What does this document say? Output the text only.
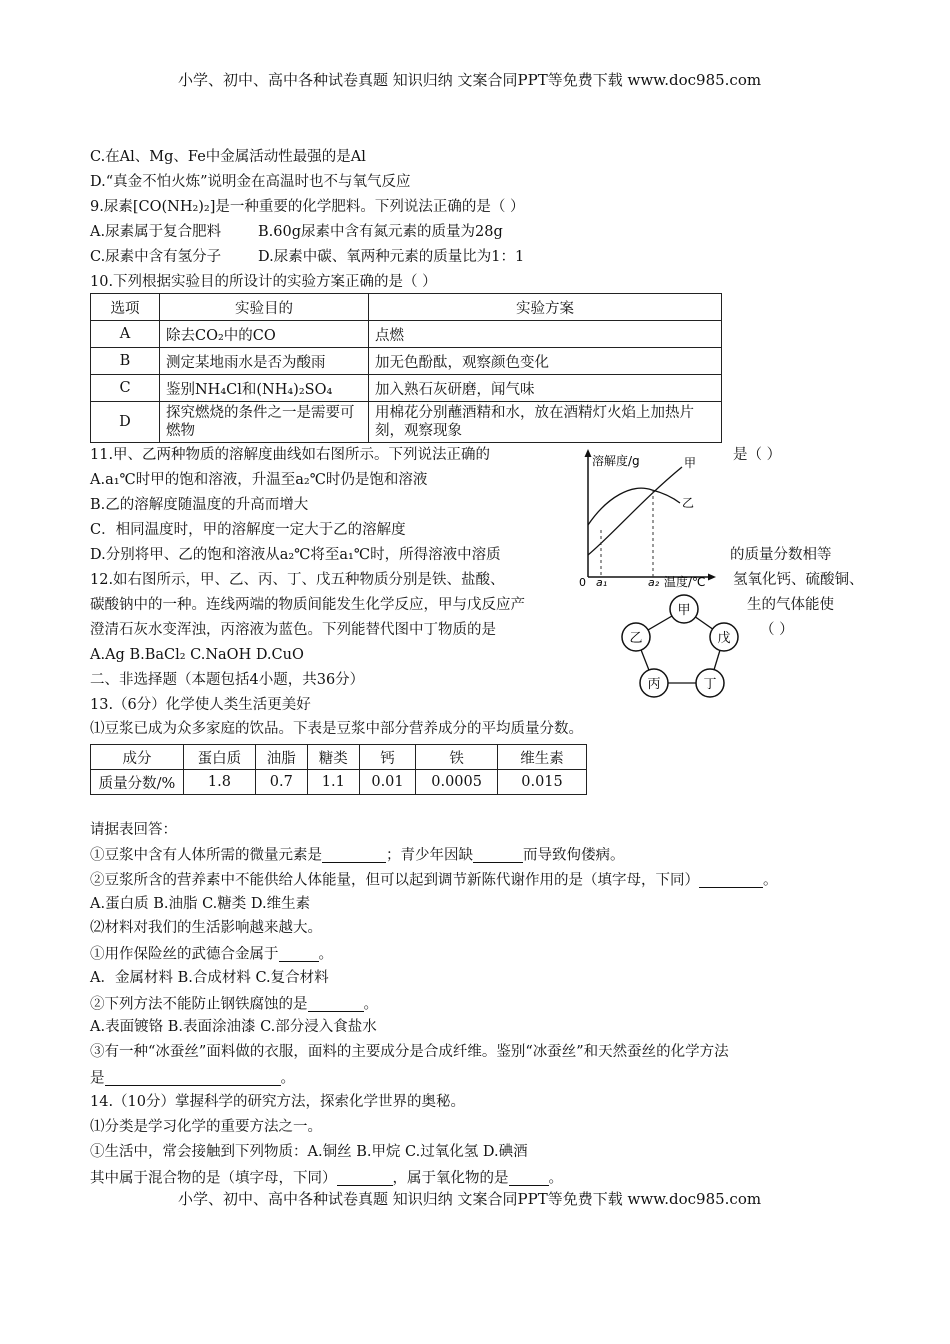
小学、初中、高中各种试卷真题 知识归纳 文案合同PPT等免费下载 www.doc985.com
C.在Al、Mg、Fe中金属活动性最强的是Al
D.“真金不怕火炼”说明金在高温时也不与氧气反应
9.尿素[CO(NH₂)₂]是一种重要的化学肥料。下列说法正确的是（ ）
A.尿素属于复合肥料	B.60g尿素中含有氮元素的质量为28g
C.尿素中含有氢分子	D.尿素中碳、氧两种元素的质量比为1：1
10.下列根据实验目的所设计的实验方案正确的是（ ）
选项	实验目的	实验方案
A	除去CO₂中的CO	点燃
B	测定某地雨水是否为酸雨	加无色酚酞，观察颜色变化
C	鉴别NH₄Cl和(NH₄)₂SO₄	加入熟石灰研磨，闻气味
D	探究燃烧的条件之一是需要可燃物	用棉花分别蘸酒精和水，放在酒精灯火焰上加热片刻，观察现象
11.甲、乙两种物质的溶解度曲线如右图所示。下列说法正确的	是（ ）
A.a₁℃时甲的饱和溶液，升温至a₂℃时仍是饱和溶液
B.乙的溶解度随温度的升高而增大
C．相同温度时，甲的溶解度一定大于乙的溶解度
D.分别将甲、乙的饱和溶液从a₂℃将至a₁℃时，所得溶液中溶质	的质量分数相等
溶解度/g
温度/℃
0 a₁	a₂
甲
乙
12.如右图所示，甲、乙、丙、丁、戊五种物质分别是铁、盐酸、	氢氧化钙、硫酸铜、
碳酸钠中的一种。连线两端的物质间能发生化学反应，甲与戊反应产	生的气体能使
澄清石灰水变浑浊，丙溶液为蓝色。下列能替代图中丁物质的是	（ ）
A.Ag B.BaCl₂ C.NaOH D.CuO
甲
戊
丁
丙
乙
二、非选择题（本题包括4小题，共36分）
13.（6分）化学使人类生活更美好
⑴豆浆已成为众多家庭的饮品。下表是豆浆中部分营养成分的平均质量分数。
成分	蛋白质	油脂	糖类	钙	铁	维生素
质量分数/%	1.8	0.7	1.1	0.01	0.0005	0.015
请据表回答：
①豆浆中含有人体所需的微量元素是	；青少年因缺	而导致佝偻病。
②豆浆所含的营养素中不能供给人体能量，但可以起到调节新陈代谢作用的是（填字母，下同）	。
A.蛋白质 B.油脂 C.糖类 D.维生素
⑵材料对我们的生活影响越来越大。
①用作保险丝的武德合金属于	。
A．金属材料 B.合成材料 C.复合材料
②下列方法不能防止钢铁腐蚀的是	。
A.表面镀铬 B.表面涂油漆 C.部分浸入食盐水
③有一种“冰蚕丝”面料做的衣服，面料的主要成分是合成纤维。鉴别“冰蚕丝”和天然蚕丝的化学方法
是	。
14.（10分）掌握科学的研究方法，探索化学世界的奥秘。
⑴分类是学习化学的重要方法之一。
①生活中，常会接触到下列物质：A.铜丝 B.甲烷 C.过氧化氢 D.碘酒
其中属于混合物的是（填字母，下同）	，属于氧化物的是	。
小学、初中、高中各种试卷真题 知识归纳 文案合同PPT等免费下载 www.doc985.com
